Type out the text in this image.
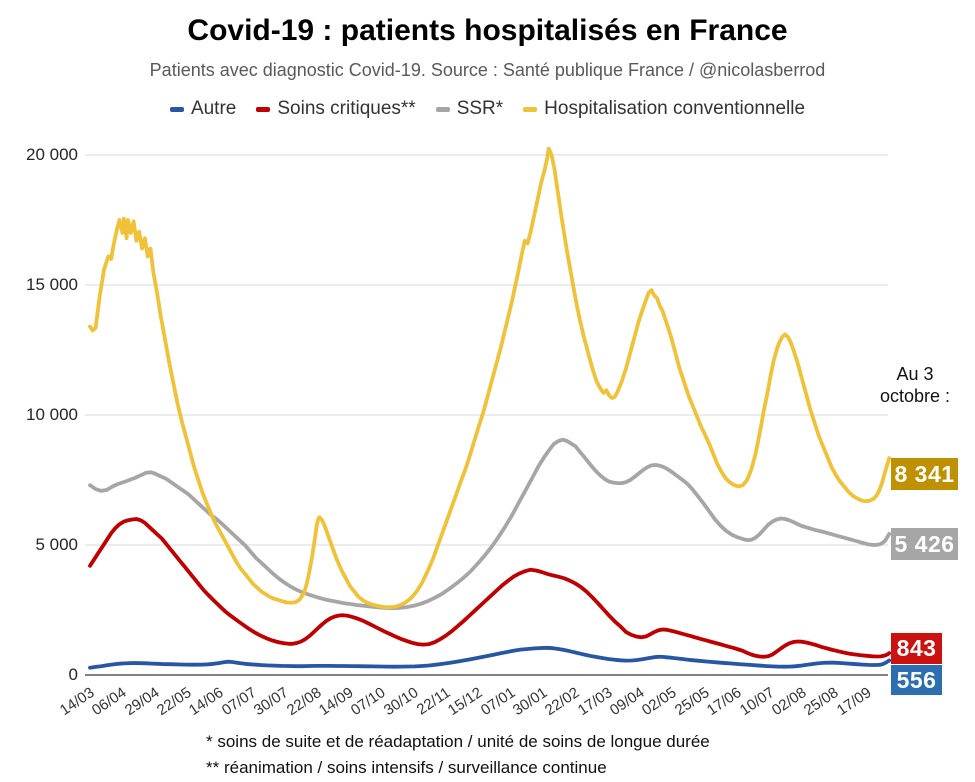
Covid-19 : patients hospitalisés en France
Patients avec diagnostic Covid-19. Source : Santé publique France / @nicolasberrod
Autre Soins critiques** SSR* Hospitalisation conventionnelle
0
5 000
10 000
15 000
20 000
14/03
06/04
29/04
22/05
14/06
07/07
30/07
22/08
14/09
07/10
30/10
22/11
15/12
07/01
30/01
22/02
17/03
09/04
02/05
25/05
17/06
10/07
02/08
25/08
17/09
Au 3
octobre :
556
843
5 426
8 341
* soins de suite et de réadaptation / unité de soins de longue durée
** réanimation / soins intensifs / surveillance continue
